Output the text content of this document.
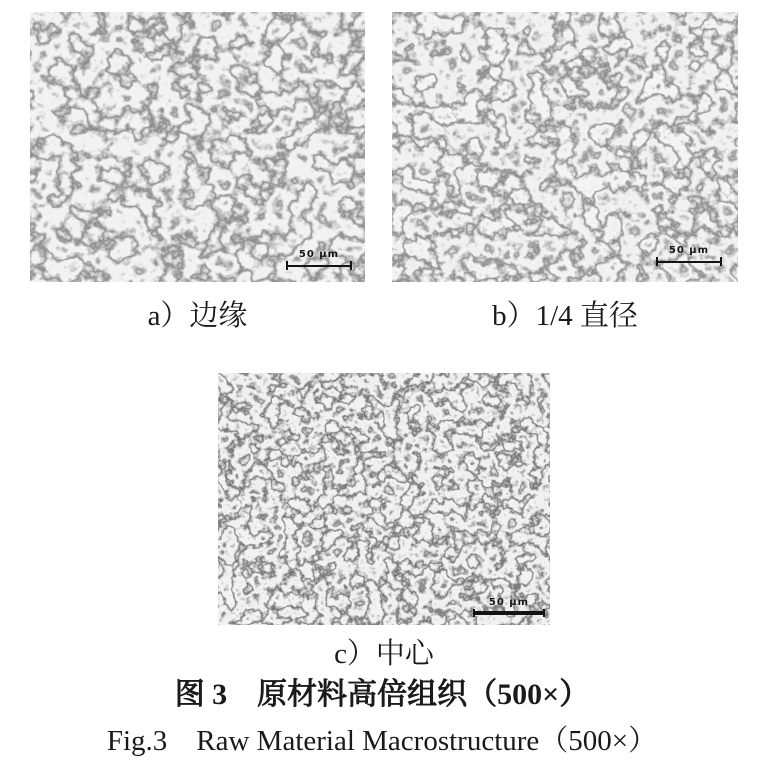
50 µm	50 µm
50 µm
a）边缘	b）1/4 直径
c）中心
图 3　原材料高倍组织（500×）
Fig.3　Raw Material Macrostructure（500×）
